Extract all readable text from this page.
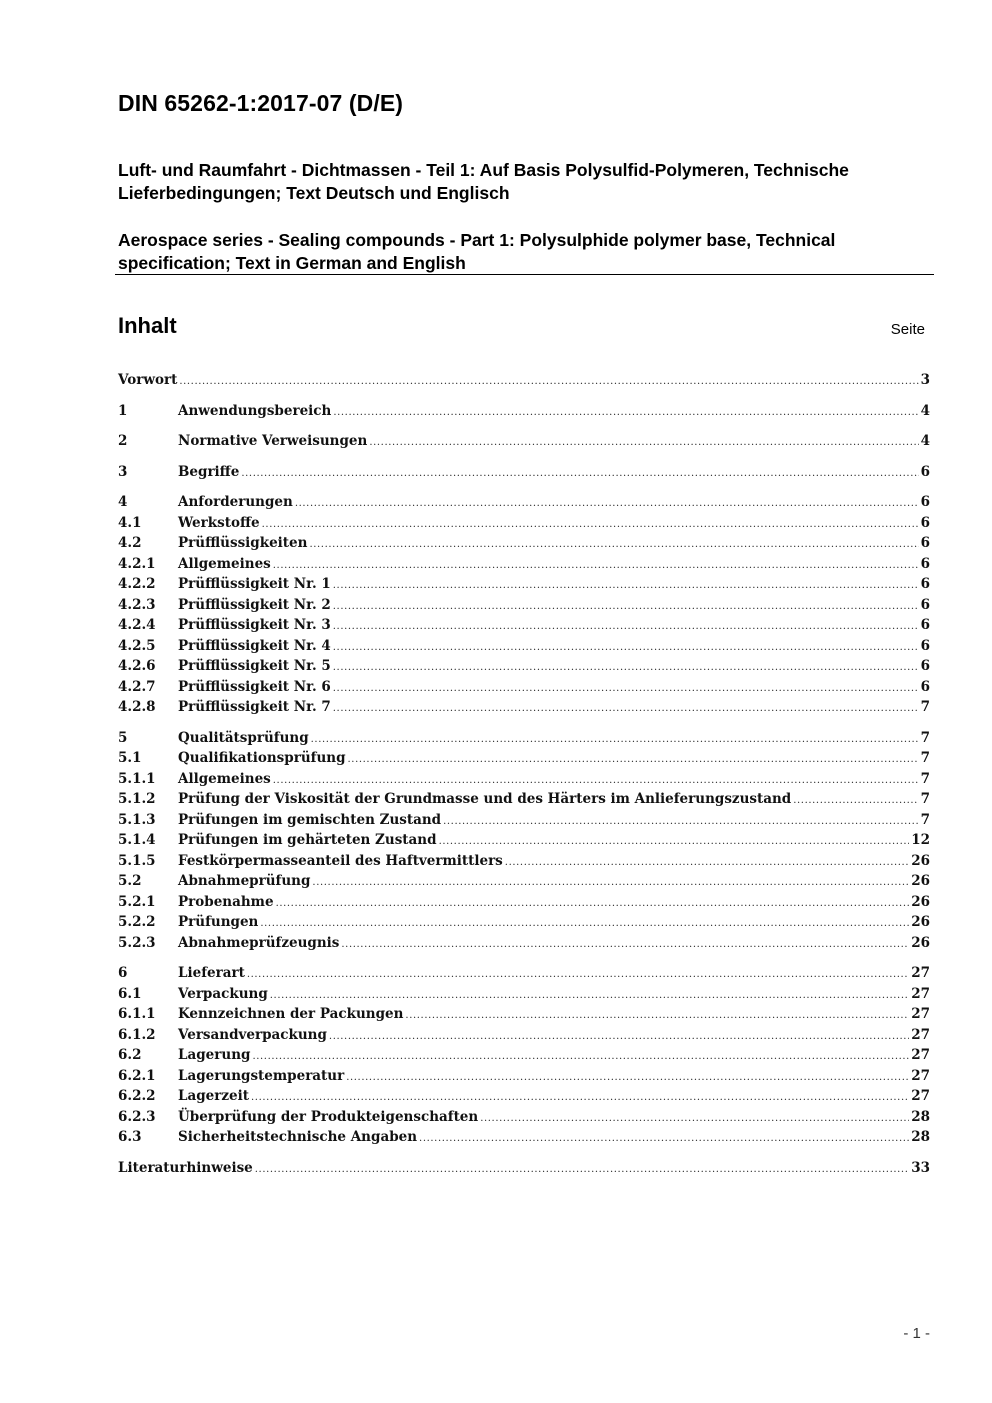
DIN 65262-1:2017-07 (D/E)

Luft- und Raumfahrt - Dichtmassen - Teil 1: Auf Basis Polysulfid-Polymeren, Technische Lieferbedingungen; Text Deutsch und Englisch

Aerospace series - Sealing compounds - Part 1: Polysulphide polymer base, Technical specification; Text in German and English

Inhalt	Seite
Vorwort .....	3
1	Anwendungsbereich .....	4
2	Normative Verweisungen .....	4
3	Begriffe .....	6
4	Anforderungen .....	6
4.1	Werkstoffe .....	6
4.2	Prüfflüssigkeiten .....	6
4.2.1	Allgemeines .....	6
4.2.2	Prüfflüssigkeit Nr. 1 .....	6
4.2.3	Prüfflüssigkeit Nr. 2 .....	6
4.2.4	Prüfflüssigkeit Nr. 3 .....	6
4.2.5	Prüfflüssigkeit Nr. 4 .....	6
4.2.6	Prüfflüssigkeit Nr. 5 .....	6
4.2.7	Prüfflüssigkeit Nr. 6 .....	6
4.2.8	Prüfflüssigkeit Nr. 7 .....	7
5	Qualitätsprüfung .....	7
5.1	Qualifikationsprüfung .....	7
5.1.1	Allgemeines .....	7
5.1.2	Prüfung der Viskosität der Grundmasse und des Härters im Anlieferungszustand .....	7
5.1.3	Prüfungen im gemischten Zustand .....	7
5.1.4	Prüfungen im gehärteten Zustand .....	12
5.1.5	Festkörpermasseanteil des Haftvermittlers .....	26
5.2	Abnahmeprüfung .....	26
5.2.1	Probenahme .....	26
5.2.2	Prüfungen .....	26
5.2.3	Abnahmeprüfzeugnis .....	26
6	Lieferart .....	27
6.1	Verpackung .....	27
6.1.1	Kennzeichnen der Packungen .....	27
6.1.2	Versandverpackung .....	27
6.2	Lagerung .....	27
6.2.1	Lagerungstemperatur .....	27
6.2.2	Lagerzeit .....	27
6.2.3	Überprüfung der Produkteigenschaften .....	28
6.3	Sicherheitstechnische Angaben .....	28
Literaturhinweise .....	33
- 1 -
